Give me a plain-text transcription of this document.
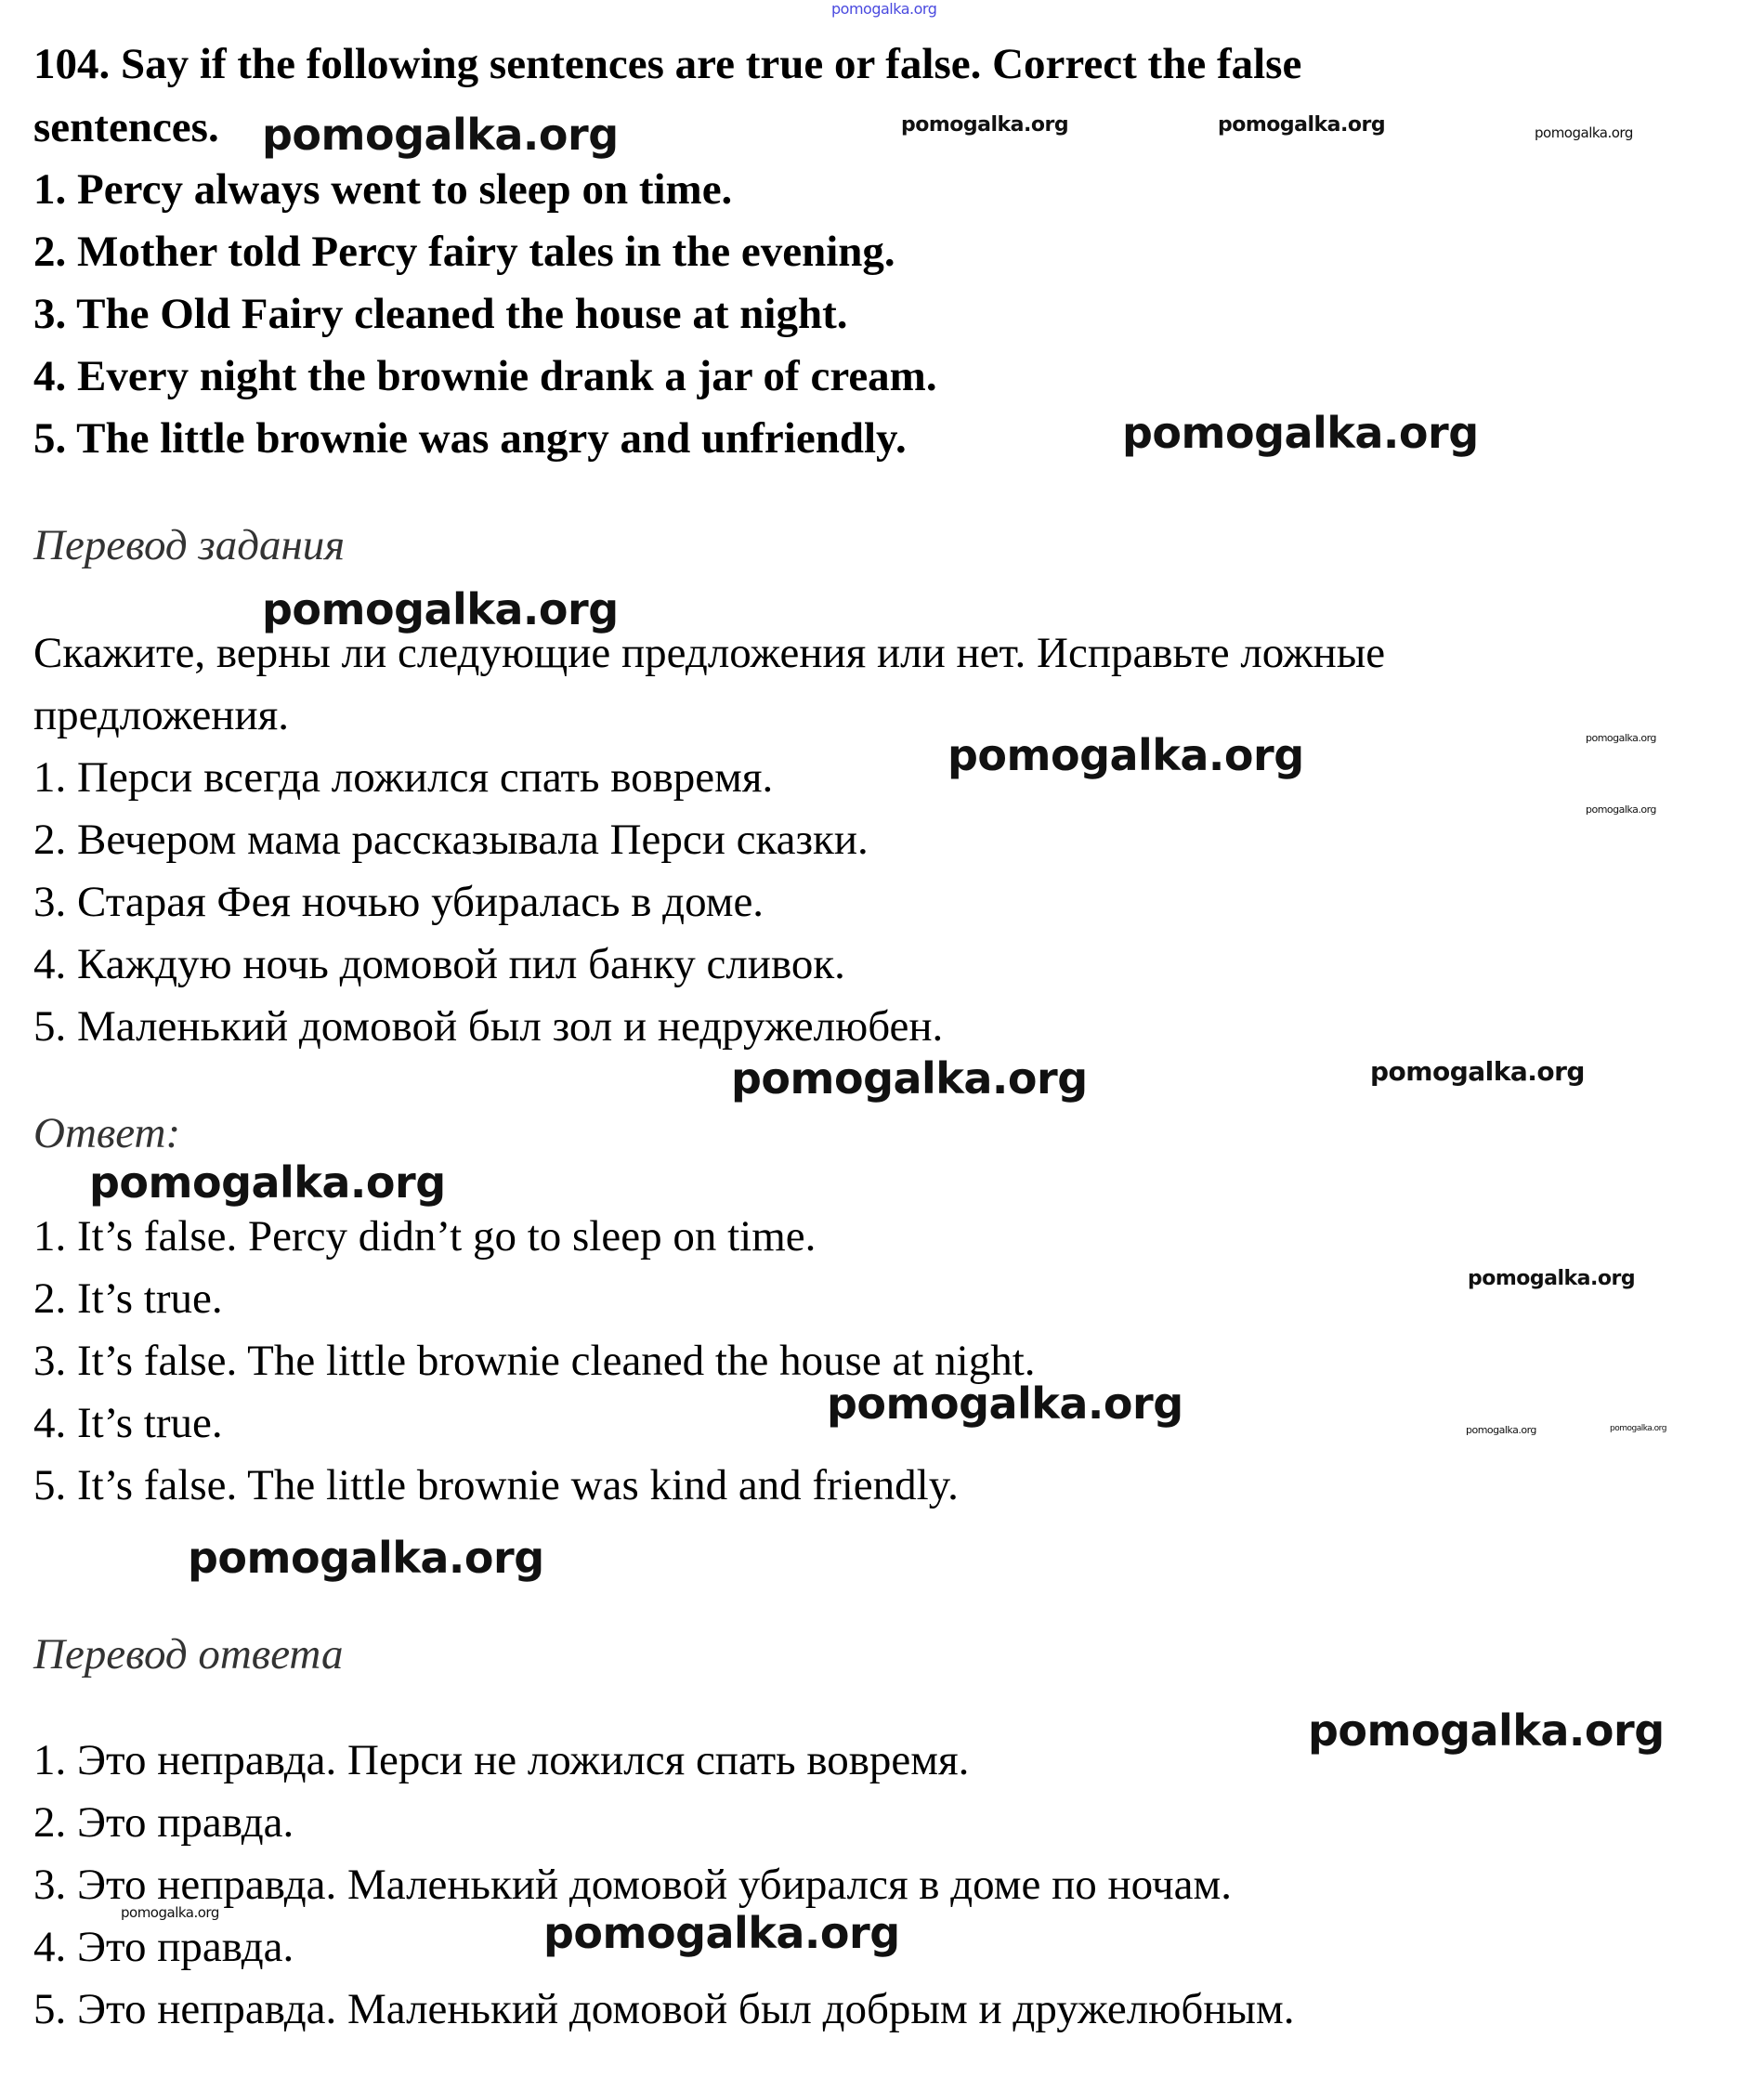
pomogalka.org
104. Say if the following sentences are true or false. Correct the false
sentences.
1. Percy always went to sleep on time.
2. Mother told Percy fairy tales in the evening.
3. The Old Fairy cleaned the house at night.
4. Every night the brownie drank a jar of cream.
5. The little brownie was angry and unfriendly.
pomogalka.org	pomogalka.org	pomogalka.org	pomogalka.org
pomogalka.org
Перевод задания
pomogalka.org
Скажите, верны ли следующие предложения или нет. Исправьте ложные
предложения.
1. Перси всегда ложился спать вовремя.
2. Вечером мама рассказывала Перси сказки.
3. Старая Фея ночью убиралась в доме.
4. Каждую ночь домовой пил банку сливок.
5. Маленький домовой был зол и недружелюбен.
pomogalka.org	pomogalka.org
pomogalka.org
pomogalka.org	pomogalka.org
Ответ:
pomogalka.org
1. It’s false. Percy didn’t go to sleep on time.
2. It’s true.
3. It’s false. The little brownie cleaned the house at night.
4. It’s true.
5. It’s false. The little brownie was kind and friendly.
pomogalka.org
pomogalka.org
pomogalka.org	pomogalka.org
pomogalka.org
Перевод ответа
pomogalka.org
1. Это неправда. Перси не ложился спать вовремя.
2. Это правда.
3. Это неправда. Маленький домовой убирался в доме по ночам.
pomogalka.org	pomogalka.org
4. Это правда.
5. Это неправда. Маленький домовой был добрым и дружелюбным.
